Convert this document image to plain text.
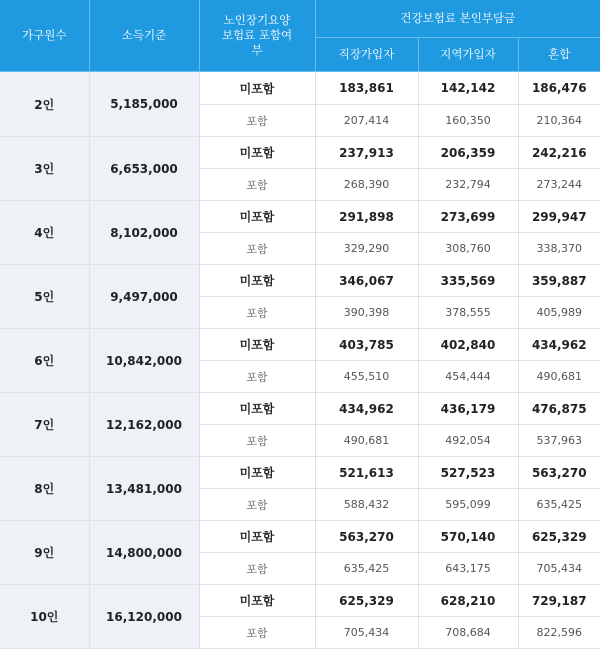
가구원수	소득기준	노인장기요양 보험료 포함여부	건강보험료 본인부담금		
			직장가입자	지역가입자	혼합
2인	5,185,000	미포함	183,861	142,142	186,476
		포함	207,414	160,350	210,364
3인	6,653,000	미포함	237,913	206,359	242,216
		포함	268,390	232,794	273,244
4인	8,102,000	미포함	291,898	273,699	299,947
		포함	329,290	308,760	338,370
5인	9,497,000	미포함	346,067	335,569	359,887
		포함	390,398	378,555	405,989
6인	10,842,000	미포함	403,785	402,840	434,962
		포함	455,510	454,444	490,681
7인	12,162,000	미포함	434,962	436,179	476,875
		포함	490,681	492,054	537,963
8인	13,481,000	미포함	521,613	527,523	563,270
		포함	588,432	595,099	635,425
9인	14,800,000	미포함	563,270	570,140	625,329
		포함	635,425	643,175	705,434
10인	16,120,000	미포함	625,329	628,210	729,187
		포함	705,434	708,684	822,596
